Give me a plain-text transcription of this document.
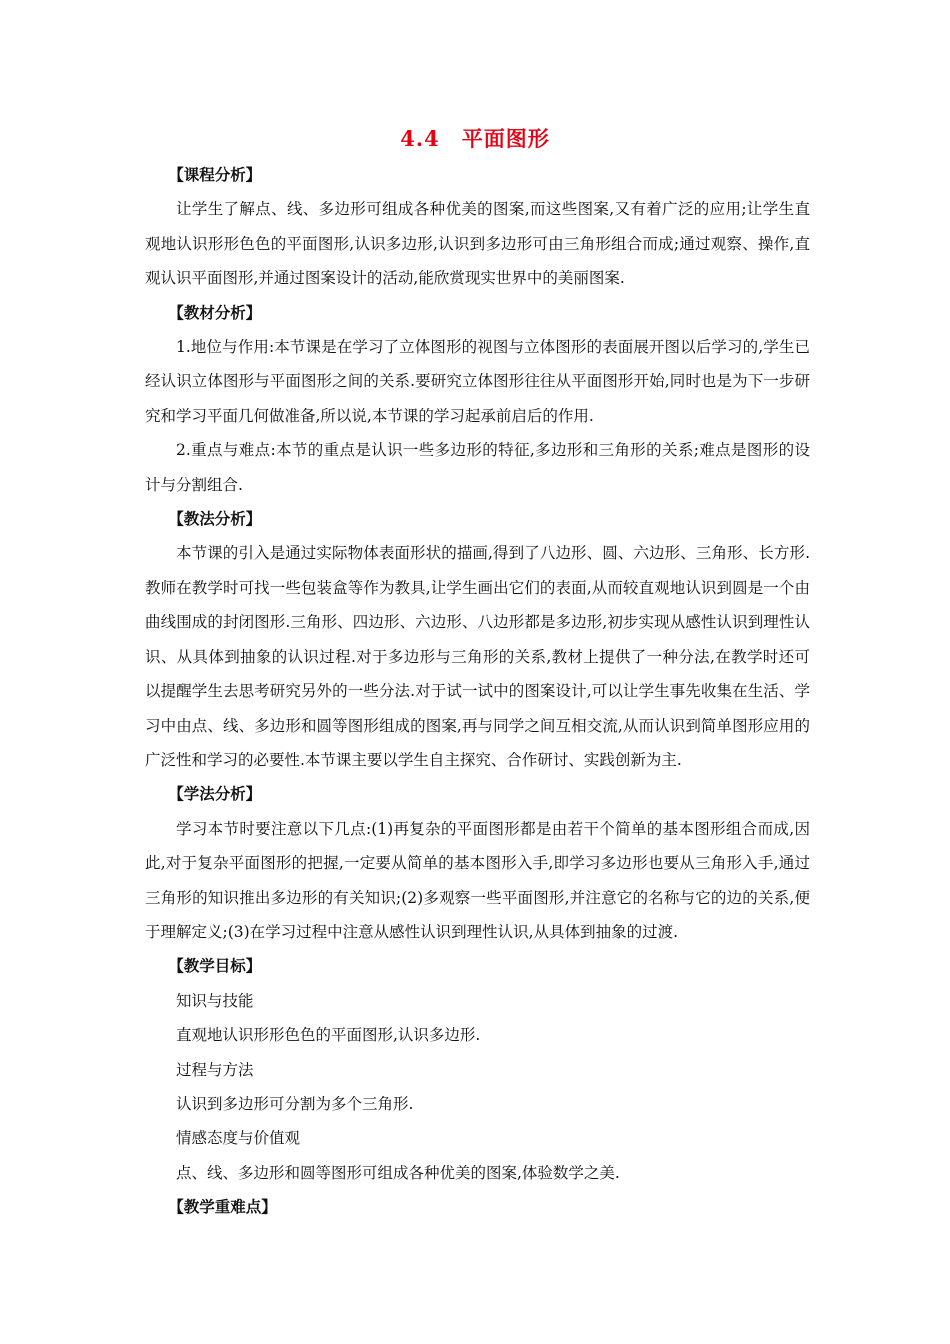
4.4　平面图形

【课程分析】

让学生了解点、线、多边形可组成各种优美的图案,而这些图案,又有着广泛的应用;让学生直观地认识形形色色的平面图形,认识多边形,认识到多边形可由三角形组合而成;通过观察、操作,直观认识平面图形,并通过图案设计的活动,能欣赏现实世界中的美丽图案.

【教材分析】

1.地位与作用:本节课是在学习了立体图形的视图与立体图形的表面展开图以后学习的,学生已经认识立体图形与平面图形之间的关系.要研究立体图形往往从平面图形开始,同时也是为下一步研究和学习平面几何做准备,所以说,本节课的学习起承前启后的作用.

2.重点与难点:本节的重点是认识一些多边形的特征,多边形和三角形的关系;难点是图形的设计与分割组合.

【教法分析】

本节课的引入是通过实际物体表面形状的描画,得到了八边形、圆、六边形、三角形、长方形.教师在教学时可找一些包装盒等作为教具,让学生画出它们的表面,从而较直观地认识到圆是一个由曲线围成的封闭图形.三角形、四边形、六边形、八边形都是多边形,初步实现从感性认识到理性认识、从具体到抽象的认识过程.对于多边形与三角形的关系,教材上提供了一种分法,在教学时还可以提醒学生去思考研究另外的一些分法.对于试一试中的图案设计,可以让学生事先收集在生活、学习中由点、线、多边形和圆等图形组成的图案,再与同学之间互相交流,从而认识到简单图形应用的广泛性和学习的必要性.本节课主要以学生自主探究、合作研讨、实践创新为主.

【学法分析】

学习本节时要注意以下几点:(1)再复杂的平面图形都是由若干个简单的基本图形组合而成,因此,对于复杂平面图形的把握,一定要从简单的基本图形入手,即学习多边形也要从三角形入手,通过三角形的知识推出多边形的有关知识;(2)多观察一些平面图形,并注意它的名称与它的边的关系,便于理解定义;(3)在学习过程中注意从感性认识到理性认识,从具体到抽象的过渡.

【教学目标】

知识与技能

直观地认识形形色色的平面图形,认识多边形.

过程与方法

认识到多边形可分割为多个三角形.

情感态度与价值观

点、线、多边形和圆等图形可组成各种优美的图案,体验数学之美.

【教学重难点】
